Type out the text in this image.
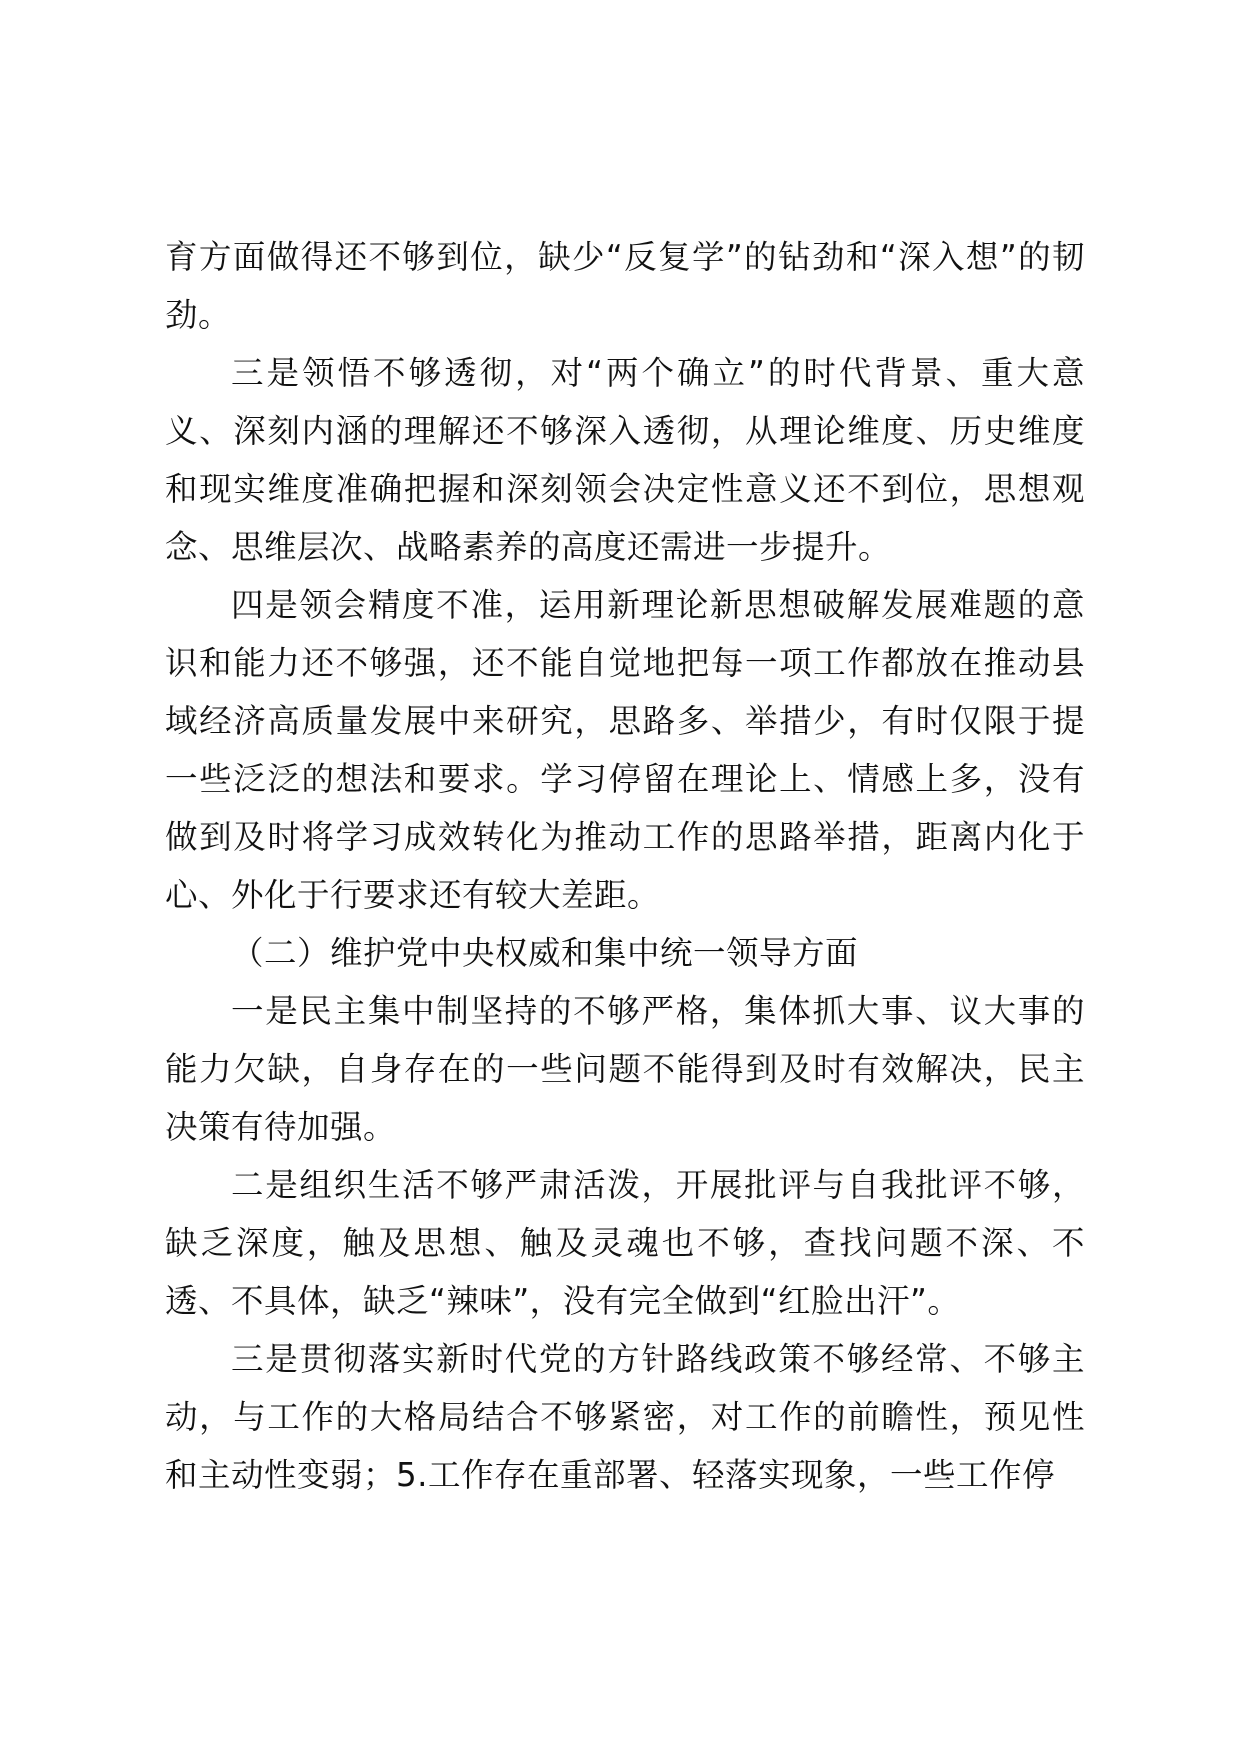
育方面做得还不够到位，缺少“反复学”的钻劲和“深入想”的韧劲。

三是领悟不够透彻，对“两个确立”的时代背景、重大意义、深刻内涵的理解还不够深入透彻，从理论维度、历史维度和现实维度准确把握和深刻领会决定性意义还不到位，思想观念、思维层次、战略素养的高度还需进一步提升。

四是领会精度不准，运用新理论新思想破解发展难题的意识和能力还不够强，还不能自觉地把每一项工作都放在推动县域经济高质量发展中来研究，思路多、举措少，有时仅限于提一些泛泛的想法和要求。学习停留在理论上、情感上多，没有做到及时将学习成效转化为推动工作的思路举措，距离内化于心、外化于行要求还有较大差距。

（二）维护党中央权威和集中统一领导方面

一是民主集中制坚持的不够严格，集体抓大事、议大事的能力欠缺，自身存在的一些问题不能得到及时有效解决，民主决策有待加强。

二是组织生活不够严肃活泼，开展批评与自我批评不够，缺乏深度，触及思想、触及灵魂也不够，查找问题不深、不透、不具体，缺乏“辣味”，没有完全做到“红脸出汗”。

三是贯彻落实新时代党的方针路线政策不够经常、不够主动，与工作的大格局结合不够紧密，对工作的前瞻性，预见性和主动性变弱；5.工作存在重部署、轻落实现象，一些工作停
